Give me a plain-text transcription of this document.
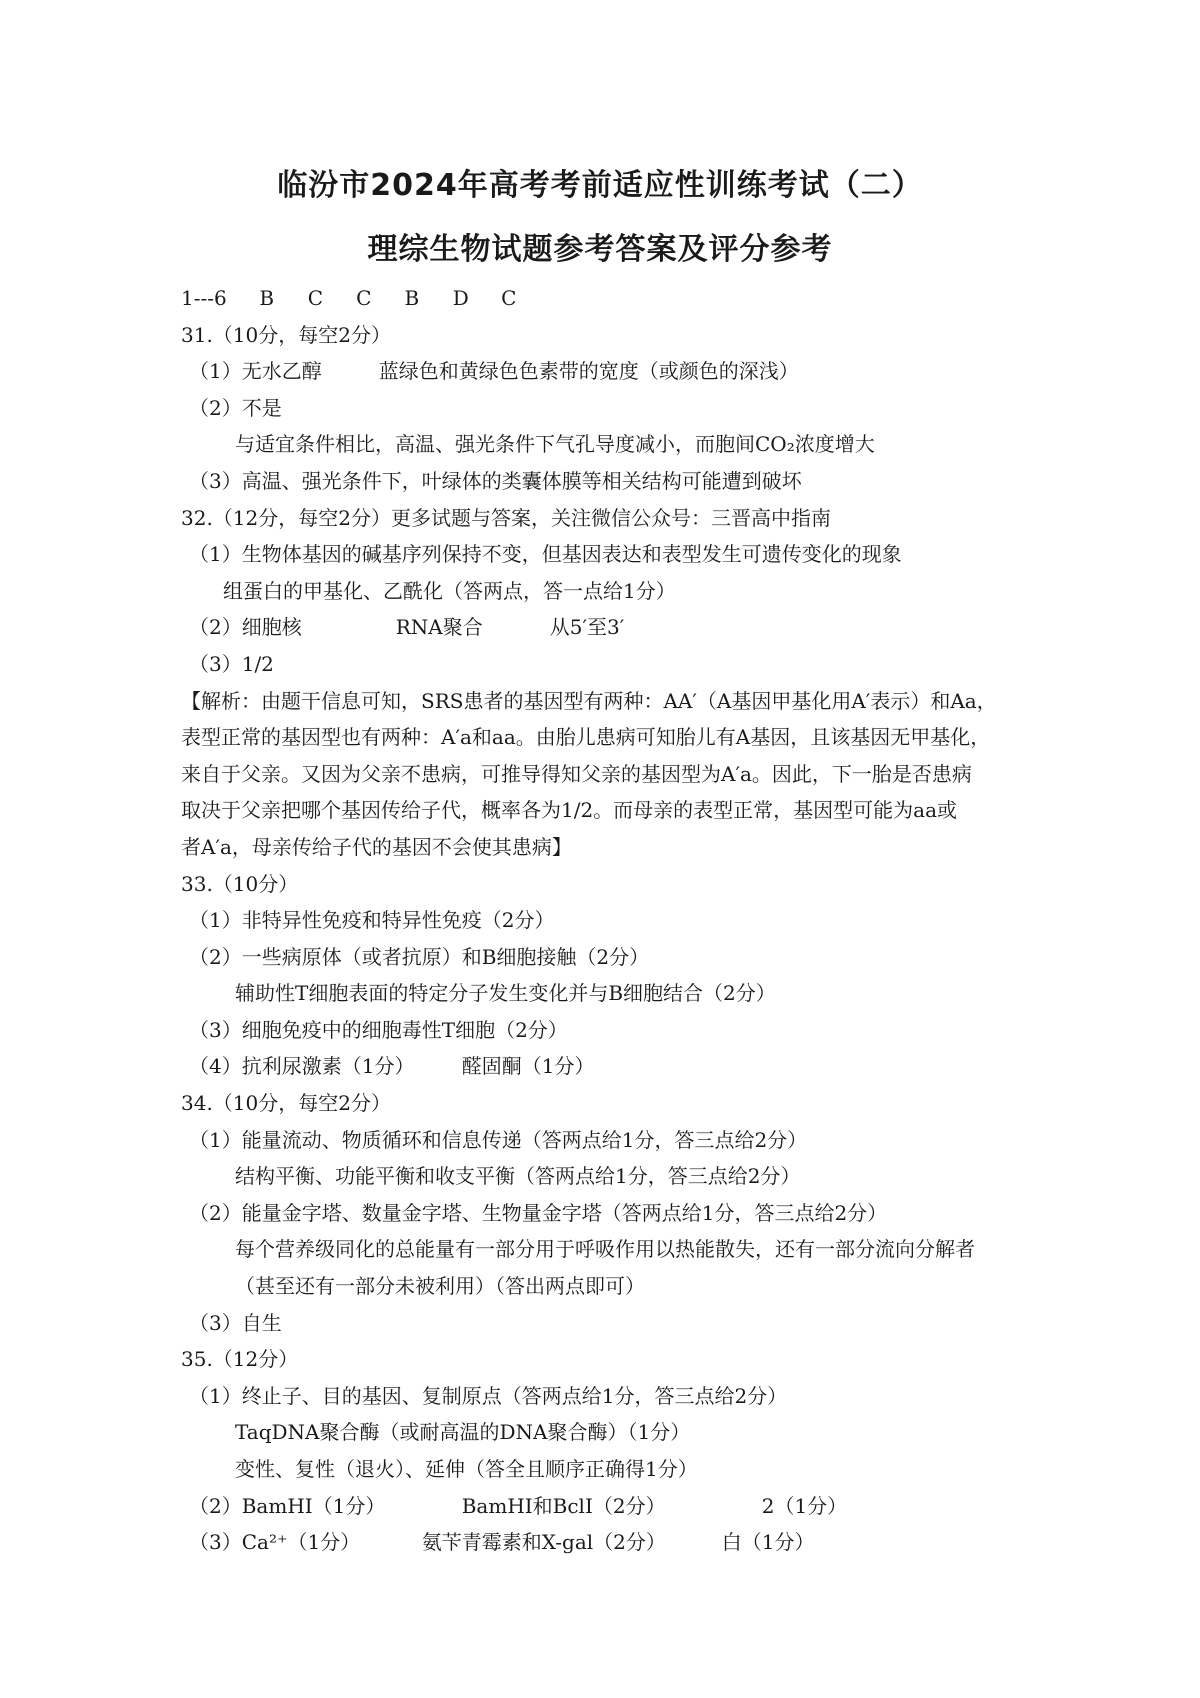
临汾市2024年高考考前适应性训练考试（二）
理综生物试题参考答案及评分参考
1---6 B C C B D C
31.（10分，每空2分）
（1）无水乙醇	蓝绿色和黄绿色色素带的宽度（或颜色的深浅）
（2）不是
与适宜条件相比，高温、强光条件下气孔导度减小，而胞间CO₂浓度增大
（3）高温、强光条件下，叶绿体的类囊体膜等相关结构可能遭到破坏
32.（12分，每空2分）更多试题与答案，关注微信公众号：三晋高中指南
（1）生物体基因的碱基序列保持不变，但基因表达和表型发生可遗传变化的现象
组蛋白的甲基化、乙酰化（答两点，答一点给1分）
（2）细胞核	RNA聚合	从5′至3′
（3）1/2
【解析：由题干信息可知，SRS患者的基因型有两种：AA′（A基因甲基化用A′表示）和Aa，
表型正常的基因型也有两种：A′a和aa。由胎儿患病可知胎儿有A基因，且该基因无甲基化，
来自于父亲。又因为父亲不患病，可推导得知父亲的基因型为A′a。因此，下一胎是否患病
取决于父亲把哪个基因传给子代，概率各为1/2。而母亲的表型正常，基因型可能为aa或
者A′a，母亲传给子代的基因不会使其患病】
33.（10分）
（1）非特异性免疫和特异性免疫（2分）
（2）一些病原体（或者抗原）和B细胞接触（2分）
辅助性T细胞表面的特定分子发生变化并与B细胞结合（2分）
（3）细胞免疫中的细胞毒性T细胞（2分）
（4）抗利尿激素（1分） 醛固酮（1分）
34.（10分，每空2分）
（1）能量流动、物质循环和信息传递（答两点给1分，答三点给2分）
结构平衡、功能平衡和收支平衡（答两点给1分，答三点给2分）
（2）能量金字塔、数量金字塔、生物量金字塔（答两点给1分，答三点给2分）
每个营养级同化的总能量有一部分用于呼吸作用以热能散失，还有一部分流向分解者
（甚至还有一部分未被利用）（答出两点即可）
（3）自生
35.（12分）
（1）终止子、目的基因、复制原点（答两点给1分，答三点给2分）
TaqDNA聚合酶（或耐高温的DNA聚合酶）（1分）
变性、复性（退火）、延伸（答全且顺序正确得1分）
（2）BamHⅠ（1分）	BamHⅠ和BclⅠ（2分）	2（1分）
（3）Ca²⁺（1分）	氨苄青霉素和X-gal（2分）	白（1分）
